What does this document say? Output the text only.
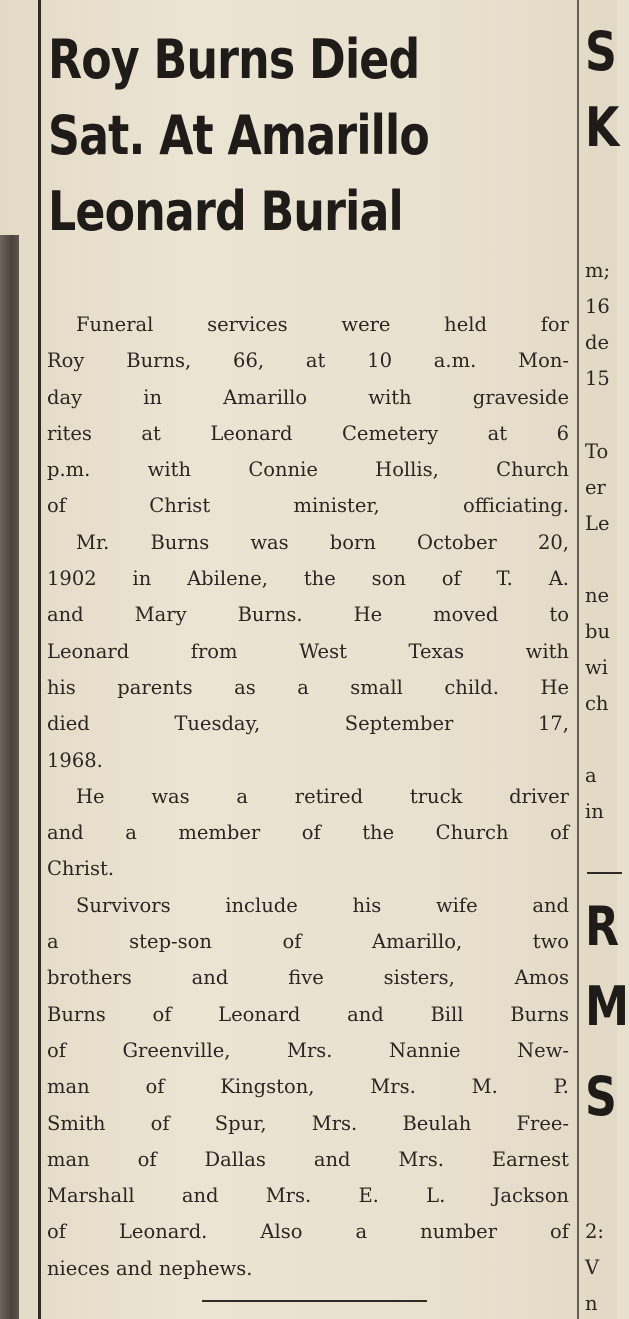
Roy Burns Died
Sat. At Amarillo
Leonard Burial

Funeral services were held for
Roy Burns, 66, at 10 a.m. Mon-
day in Amarillo with graveside
rites at Leonard Cemetery at 6
p.m. with Connie Hollis, Church
of Christ minister, officiating.

Mr. Burns was born October 20,
1902 in Abilene, the son of T. A.
and Mary Burns. He moved to
Leonard from West Texas with
his parents as a small child. He
died Tuesday, September 17,
1968.

He was a retired truck driver
and a member of the Church of
Christ.

Survivors include his wife and
a step-son of Amarillo, two
brothers and five sisters, Amos
Burns of Leonard and Bill Burns
of Greenville, Mrs. Nannie New-
man of Kingston, Mrs. M. P.
Smith of Spur, Mrs. Beulah Free-
man of Dallas and Mrs. Earnest
Marshall and Mrs. E. L. Jackson
of Leonard. Also a number of
nieces and nephews.

S
K
m;
16
de
15
To
er
Le
ne
bu
wi
ch
a
in
R
M
S
2:
V
n
